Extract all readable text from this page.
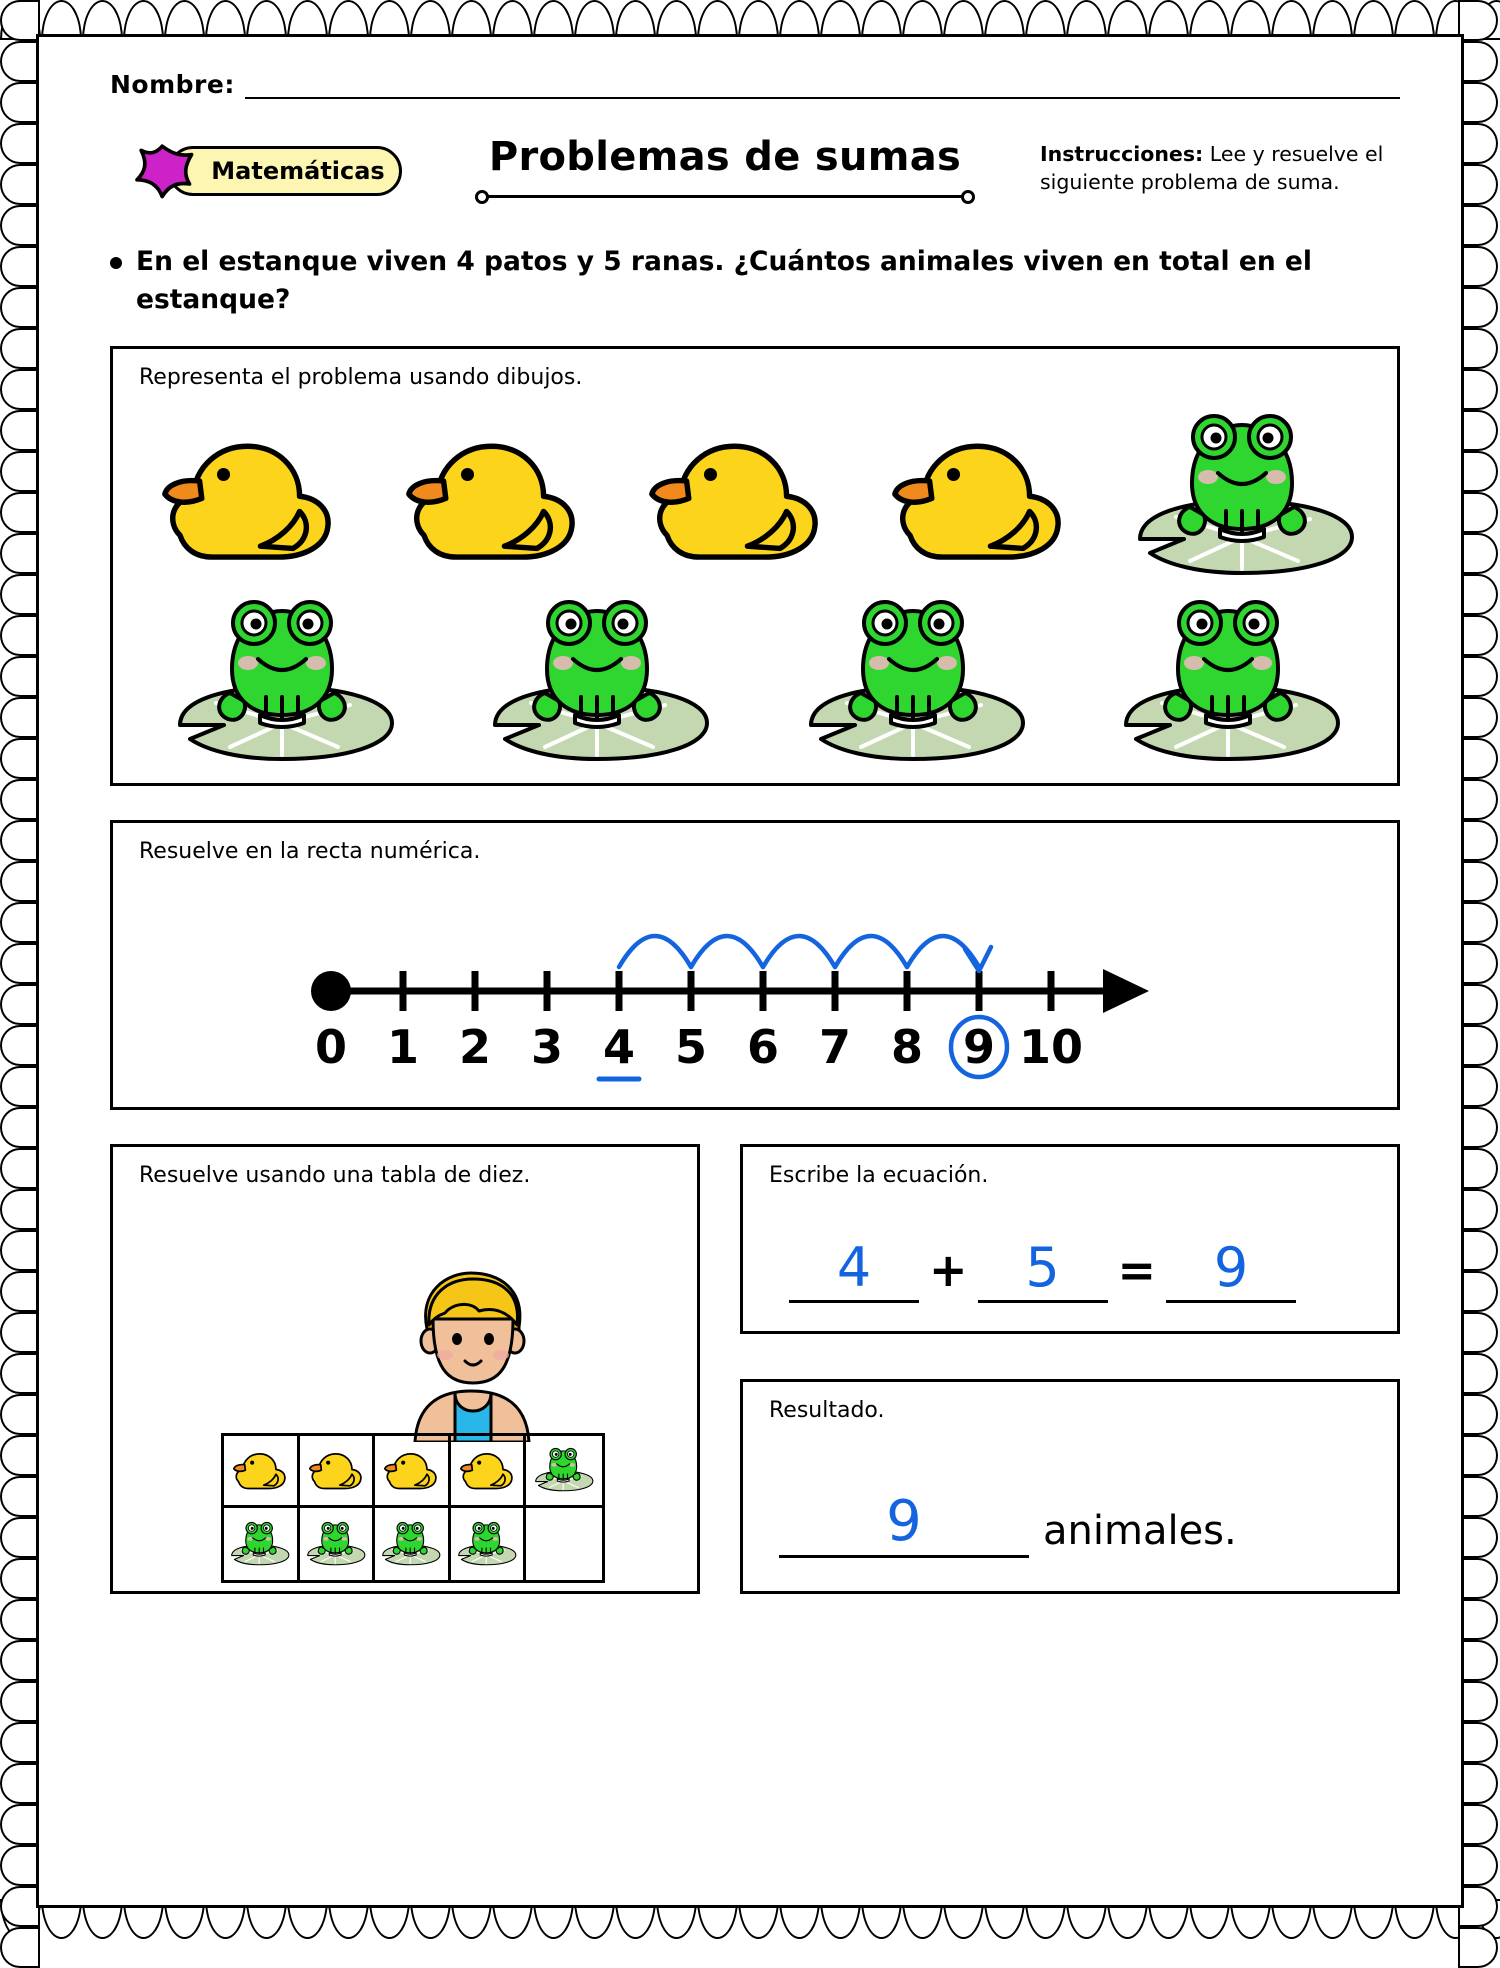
Nombre:
Matemáticas	Problemas de sumas	Instrucciones: Lee y resuelve el siguiente problema de suma.
En el estanque viven 4 patos y 5 ranas. ¿Cuántos animales viven en total en el estanque?
Representa el problema usando dibujos.
Resuelve en la recta numérica.
0 1 2 3 4 5 6 7 8 9 10
Resuelve usando una tabla de diez.	Escribe la ecuación.
4	+	5	=	9
Resultado.
9	animales.
